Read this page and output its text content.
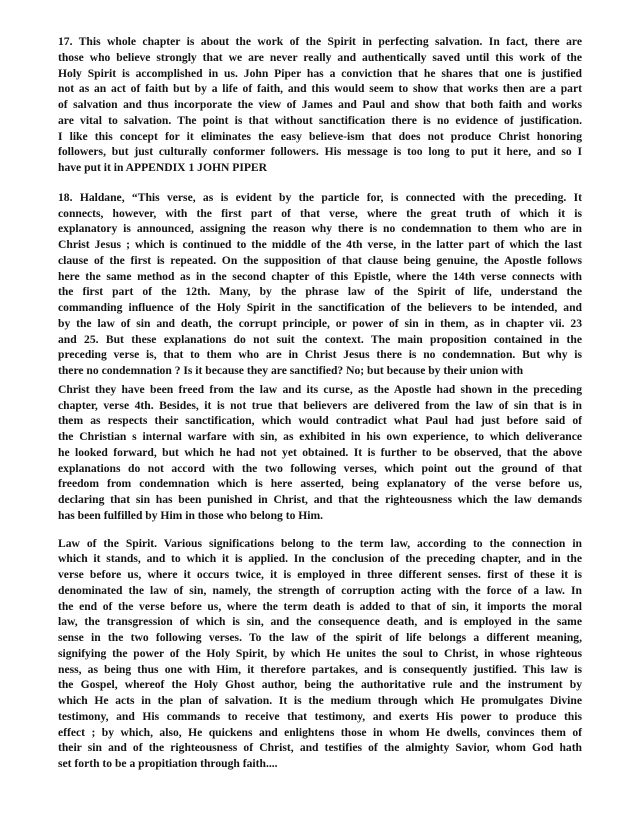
17. This whole chapter is about the work of the Spirit in perfecting salvation. In fact, there are
those who believe strongly that we are never really and authentically saved until this work of the
Holy Spirit is accomplished in us. John Piper has a conviction that he shares that one is justified
not as an act of faith but by a life of faith, and this would seem to show that works then are a part
of salvation and thus incorporate the view of James and Paul and show that both faith and works
are vital to salvation. The point is that without sanctification there is no evidence of justification.
I like this concept for it eliminates the easy believe-ism that does not produce Christ honoring
followers, but just culturally conformer followers. His message is too long to put it here, and so I
have put it in APPENDIX 1 JOHN PIPER
18. Haldane, “This verse, as is evident by the particle for, is connected with the preceding. It
connects, however, with the first part of that verse, where the great truth of which it is
explanatory is announced, assigning the reason why there is no condemnation to them who are in
Christ Jesus ; which is continued to the middle of the 4th verse, in the latter part of which the last
clause of the first is repeated. On the supposition of that clause being genuine, the Apostle follows
here the same method as in the second chapter of this Epistle, where the 14th verse connects with
the first part of the 12th. Many, by the phrase law of the Spirit of life, understand the
commanding influence of the Holy Spirit in the sanctification of the believers to be intended, and
by the law of sin and death, the corrupt principle, or power of sin in them, as in chapter vii. 23
and 25. But these explanations do not suit the context. The main proposition contained in the
preceding verse is, that to them who are in Christ Jesus there is no condemnation. But why is
there no condemnation ? Is it because they are sanctified? No; but because by their union with
Christ they have been freed from the law and its curse, as the Apostle had shown in the preceding
chapter, verse 4th. Besides, it is not true that believers are delivered from the law of sin that is in
them as respects their sanctification, which would contradict what Paul had just before said of
the Christian s internal warfare with sin, as exhibited in his own experience, to which deliverance
he looked forward, but which he had not yet obtained. It is further to be observed, that the above
explanations do not accord with the two following verses, which point out the ground of that
freedom from condemnation which is here asserted, being explanatory of the verse before us,
declaring that sin has been punished in Christ, and that the righteousness which the law demands
has been fulfilled by Him in those who belong to Him.
Law of the Spirit. Various significations belong to the term law, according to the connection in
which it stands, and to which it is applied. In the conclusion of the preceding chapter, and in the
verse before us, where it occurs twice, it is employed in three different senses. first of these it is
denominated the law of sin, namely, the strength of corruption acting with the force of a law. In
the end of the verse before us, where the term death is added to that of sin, it imports the moral
law, the transgression of which is sin, and the consequence death, and is employed in the same
sense in the two following verses. To the law of the spirit of life belongs a different meaning,
signifying the power of the Holy Spirit, by which He unites the soul to Christ, in whose righteous
ness, as being thus one with Him, it therefore partakes, and is consequently justified. This law is
the Gospel, whereof the Holy Ghost author, being the authoritative rule and the instrument by
which He acts in the plan of salvation. It is the medium through which He promulgates Divine
testimony, and His commands to receive that testimony, and exerts His power to produce this
effect ; by which, also, He quickens and enlightens those in whom He dwells, convinces them of
their sin and of the righteousness of Christ, and testifies of the almighty Savior, whom God hath
set forth to be a propitiation through faith....
